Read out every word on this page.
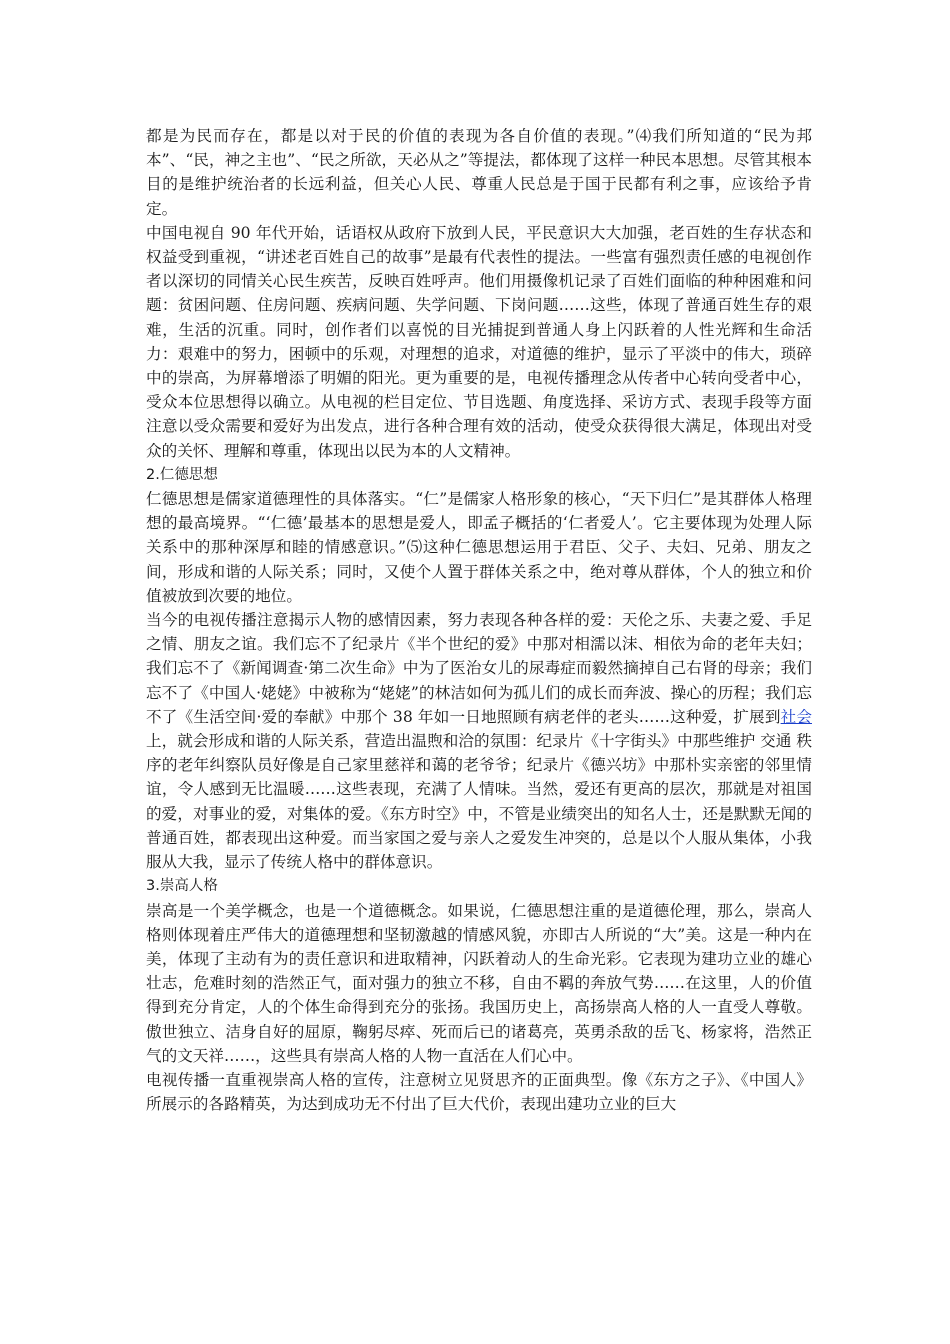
都是为民而存在，都是以对于民的价值的表现为各自价值的表现。”⑷我们所知道的“民为邦本”、“民，神之主也”、“民之所欲，天必从之”等提法，都体现了这样一种民本思想。尽管其根本目的是维护统治者的长远利益，但关心人民、尊重人民总是于国于民都有利之事，应该给予肯定。

中国电视自 90 年代开始，话语权从政府下放到人民，平民意识大大加强，老百姓的生存状态和权益受到重视，“讲述老百姓自己的故事”是最有代表性的提法。一些富有强烈责任感的电视创作者以深切的同情关心民生疾苦，反映百姓呼声。他们用摄像机记录了百姓们面临的种种困难和问题：贫困问题、住房问题、疾病问题、失学问题、下岗问题……这些，体现了普通百姓生存的艰难，生活的沉重。同时，创作者们以喜悦的目光捕捉到普通人身上闪跃着的人性光辉和生命活力：艰难中的努力，困顿中的乐观，对理想的追求，对道德的维护，显示了平淡中的伟大，琐碎中的崇高，为屏幕增添了明媚的阳光。更为重要的是，电视传播理念从传者中心转向受者中心，受众本位思想得以确立。从电视的栏目定位、节目选题、角度选择、采访方式、表现手段等方面注意以受众需要和爱好为出发点，进行各种合理有效的活动，使受众获得很大满足，体现出对受众的关怀、理解和尊重，体现出以民为本的人文精神。

2.仁德思想

仁德思想是儒家道德理性的具体落实。“仁”是儒家人格形象的核心，“天下归仁”是其群体人格理想的最高境界。“‘仁德’最基本的思想是爱人，即孟子概括的‘仁者爱人’。它主要体现为处理人际关系中的那种深厚和睦的情感意识。”⑸这种仁德思想运用于君臣、父子、夫妇、兄弟、朋友之间，形成和谐的人际关系；同时，又使个人置于群体关系之中，绝对尊从群体，个人的独立和价值被放到次要的地位。

当今的电视传播注意揭示人物的感情因素，努力表现各种各样的爱：天伦之乐、夫妻之爱、手足之情、朋友之谊。我们忘不了纪录片《半个世纪的爱》中那对相濡以沫、相依为命的老年夫妇；我们忘不了《新闻调查·第二次生命》中为了医治女儿的尿毒症而毅然摘掉自己右肾的母亲；我们忘不了《中国人·姥姥》中被称为“姥姥”的林洁如何为孤儿们的成长而奔波、操心的历程；我们忘不了《生活空间·爱的奉献》中那个 38 年如一日地照顾有病老伴的老头……这种爱，扩展到社会上，就会形成和谐的人际关系，营造出温煦和洽的氛围：纪录片《十字街头》中那些维护 交通 秩序的老年纠察队员好像是自己家里慈祥和蔼的老爷爷；纪录片《德兴坊》中那朴实亲密的邻里情谊，令人感到无比温暖……这些表现，充满了人情味。当然，爱还有更高的层次，那就是对祖国的爱，对事业的爱，对集体的爱。《东方时空》中，不管是业绩突出的知名人士，还是默默无闻的普通百姓，都表现出这种爱。而当家国之爱与亲人之爱发生冲突的，总是以个人服从集体，小我服从大我，显示了传统人格中的群体意识。

3.崇高人格

崇高是一个美学概念，也是一个道德概念。如果说，仁德思想注重的是道德伦理，那么，崇高人格则体现着庄严伟大的道德理想和坚韧激越的情感风貌，亦即古人所说的“大”美。这是一种内在美，体现了主动有为的责任意识和进取精神，闪跃着动人的生命光彩。它表现为建功立业的雄心壮志，危难时刻的浩然正气，面对强力的独立不移，自由不羁的奔放气势……在这里，人的价值得到充分肯定，人的个体生命得到充分的张扬。我国历史上，高扬崇高人格的人一直受人尊敬。傲世独立、洁身自好的屈原，鞠躬尽瘁、死而后已的诸葛亮，英勇杀敌的岳飞、杨家将，浩然正气的文天祥……，这些具有崇高人格的人物一直活在人们心中。

电视传播一直重视崇高人格的宣传，注意树立见贤思齐的正面典型。像《东方之子》、《中国人》所展示的各路精英，为达到成功无不付出了巨大代价，表现出建功立业的巨大
